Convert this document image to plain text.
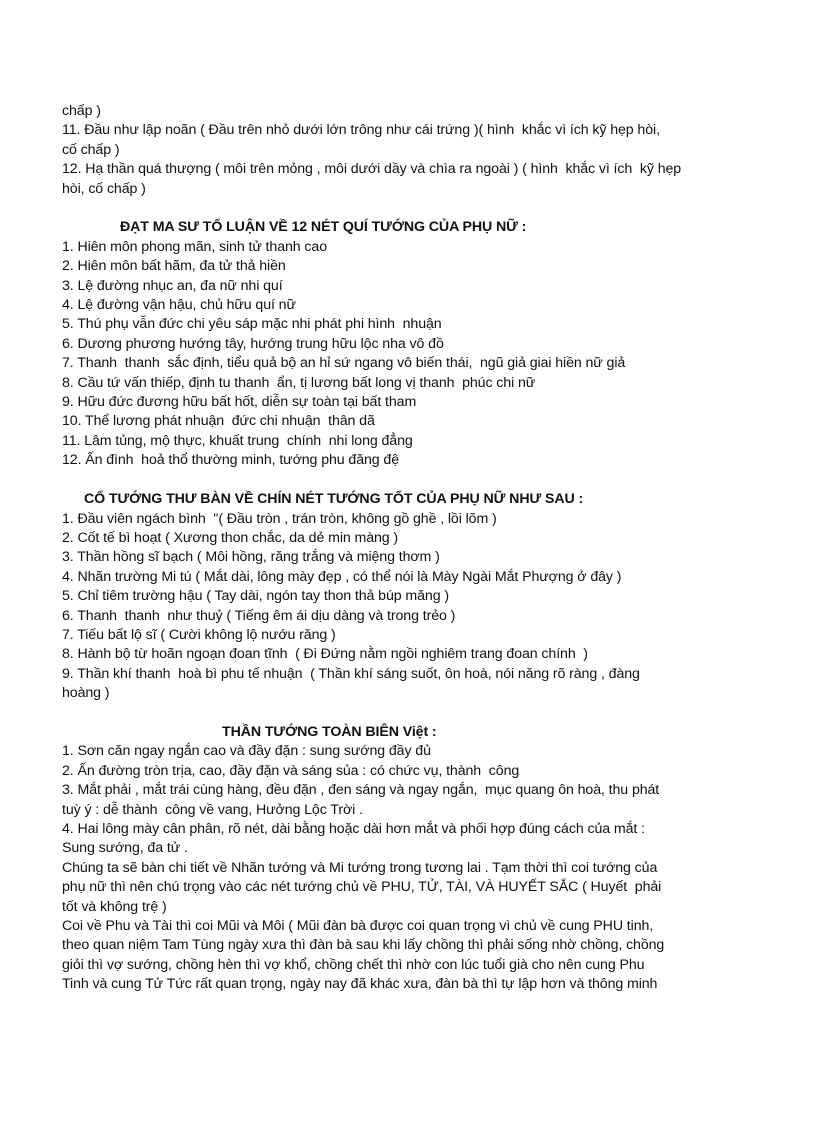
chấp )

11. Đầu như lập noãn ( Đầu trên nhỏ dưới lớn trông như cái trứng )( hình  khắc vì ích kỹ hẹp hòi,

cố chấp )

12. Hạ thần quá thượng ( môi trên mỏng , môi dưới dầy và chìa ra ngoài ) ( hình  khắc vì ích  kỹ hẹp

hòi, cố chấp )

ĐẠT MA SƯ TỔ LUẬN VỀ 12 NÉT QUÍ TƯỚNG CỦA PHỤ NỮ :

1. Hiên môn phong mãn, sinh tử thanh cao

2. Hiên môn bất hãm, đa tử thả hiền

3. Lệ đường nhục an, đa nữ nhi quí

4. Lệ đường vận hậu, chủ hữu quí nữ

5. Thú phụ vẫn đức chi yêu sáp mặc nhi phát phi hình  nhuận

6. Dương phương hướng tây, hướng trung hữu lộc nha vô đồ

7. Thanh  thanh  sắc định, tiểu quả bộ an hỉ sứ ngang vô biến thái,  ngũ giả giai hiền nữ giả

8. Cầu tứ vấn thiếp, định tu thanh  ẩn, tị lương bất long vị thanh  phúc chi nữ

9. Hữu đức đương hữu bất hốt, diễn sự toàn tại bất tham

10. Thể lương phát nhuận  đức chi nhuận  thân dã

11. Lâm tủng, mộ thực, khuất trung  chính  nhi long đẳng

12. Ấn đình  hoả thổ thường minh, tướng phu đăng đệ

CỔ TƯỚNG THƯ BÀN VỀ CHÍN NÉT TƯỚNG TỐT CỦA PHỤ NỮ NHƯ SAU :

1. Đầu viên ngách bình  "( Đầu tròn , trán tròn, không gồ ghề , lồi lõm )

2. Cốt tế bì hoạt ( Xương thon chắc, da dẻ min màng )

3. Thần hồng sĩ bạch ( Môi hồng, răng trắng và miệng thơm )

4. Nhãn trường Mi tú ( Mắt dài, lông mày đẹp , có thể nói là Mày Ngài Mắt Phượng ở đây )

5. Chỉ tiêm trường hậu ( Tay dài, ngón tay thon thả búp măng )

6. Thanh  thanh  như thuỷ ( Tiếng êm ái dịu dàng và trong trẻo )

7. Tiếu bất lộ sĩ ( Cười không lộ nướu răng )

8. Hành bộ từ hoãn ngoạn đoan tĩnh  ( Đi Đứng nằm ngồi nghiêm trang đoan chính  )

9. Thần khí thanh  hoà bì phu tế nhuận  ( Thần khí sáng suốt, ôn hoà, nói năng rõ ràng , đàng

hoàng )

THẦN TƯỚNG TOÀN BIÊN Việt :

1. Sơn căn ngay ngắn cao và đầy đặn : sung sướng đầy đủ

2. Ấn đường tròn trịa, cao, đầy đặn và sáng sủa : có chức vụ, thành  công

3. Mắt phải , mắt trái cùng hàng, đều đặn , đen sáng và ngay ngắn,  mục quang ôn hoà, thu phát

tuỳ ý : dễ thành  công về vang, Hưởng Lộc Trời .

4. Hai lông mày cân phân, rõ nét, dài bằng hoặc dài hơn mắt và phối hợp đúng cách của mắt :

Sung sướng, đa tử .

Chúng ta sẽ bàn chi tiết về Nhãn tướng và Mi tướng trong tương lai . Tạm thời thì coi tướng của

phụ nữ thì nên chú trọng vào các nét tướng chủ về PHU, TỬ, TÀI, VÀ HUYẾT SẮC ( Huyết  phải

tốt và không trệ )

Coi về Phu và Tài thì coi Mũi và Môi ( Mũi đàn bà được coi quan trọng vì chủ về cung PHU tinh,

theo quan niệm Tam Tùng ngày xưa thì đàn bà sau khi lấy chồng thì phải sống nhờ chồng, chồng

giỏi thì vợ sướng, chồng hèn thì vợ khổ, chồng chết thì nhờ con lúc tuổi già cho nên cung Phu

Tinh và cung Tử Tức rất quan trọng, ngày nay đã khác xưa, đàn bà thì tự lập hơn và thông minh
